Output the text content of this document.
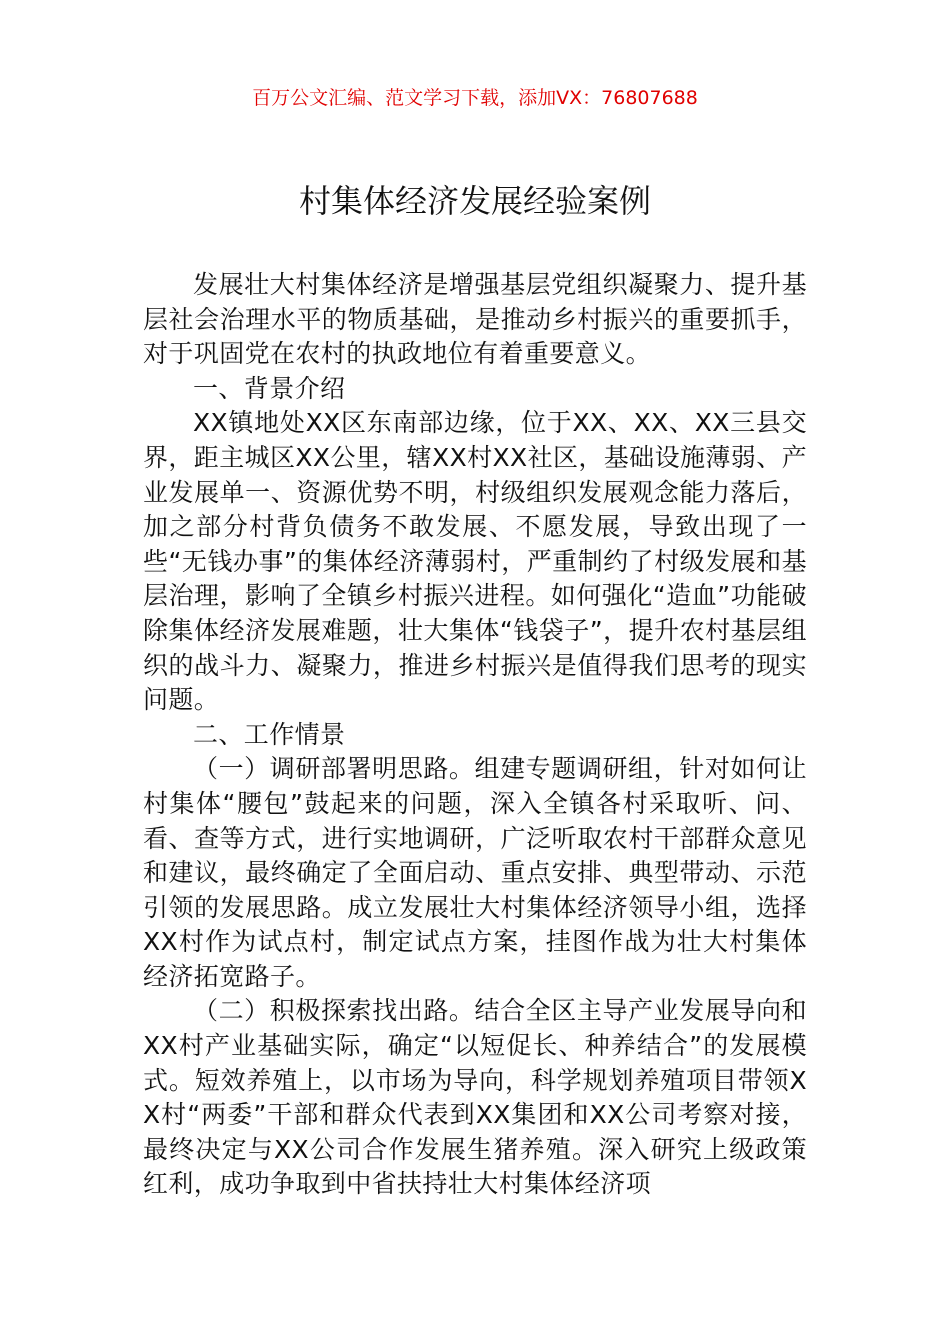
百万公文汇编、范文学习下载，添加VX：76807688
村集体经济发展经验案例

发展壮大村集体经济是增强基层党组织凝聚力、提升基层社会治理水平的物质基础，是推动乡村振兴的重要抓手，对于巩固党在农村的执政地位有着重要意义。

一、背景介绍

XX镇地处XX区东南部边缘，位于XX、XX、XX三县交界，距主城区XX公里，辖XX村XX社区，基础设施薄弱、产业发展单一、资源优势不明，村级组织发展观念能力落后，加之部分村背负债务不敢发展、不愿发展，导致出现了一些“无钱办事”的集体经济薄弱村，严重制约了村级发展和基层治理，影响了全镇乡村振兴进程。如何强化“造血”功能破除集体经济发展难题，壮大集体“钱袋子”，提升农村基层组织的战斗力、凝聚力，推进乡村振兴是值得我们思考的现实问题。

二、工作情景

（一）调研部署明思路。组建专题调研组，针对如何让村集体“腰包”鼓起来的问题，深入全镇各村采取听、问、看、查等方式，进行实地调研，广泛听取农村干部群众意见和建议，最终确定了全面启动、重点安排、典型带动、示范引领的发展思路。成立发展壮大村集体经济领导小组，选择XX村作为试点村，制定试点方案，挂图作战为壮大村集体经济拓宽路子。

（二）积极探索找出路。结合全区主导产业发展导向和XX村产业基础实际，确定“以短促长、种养结合”的发展模式。短效养殖上，以市场为导向，科学规划养殖项目带领XX村“两委”干部和群众代表到XX集团和XX公司考察对接，最终决定与XX公司合作发展生猪养殖。深入研究上级政策红利，成功争取到中省扶持壮大村集体经济项
